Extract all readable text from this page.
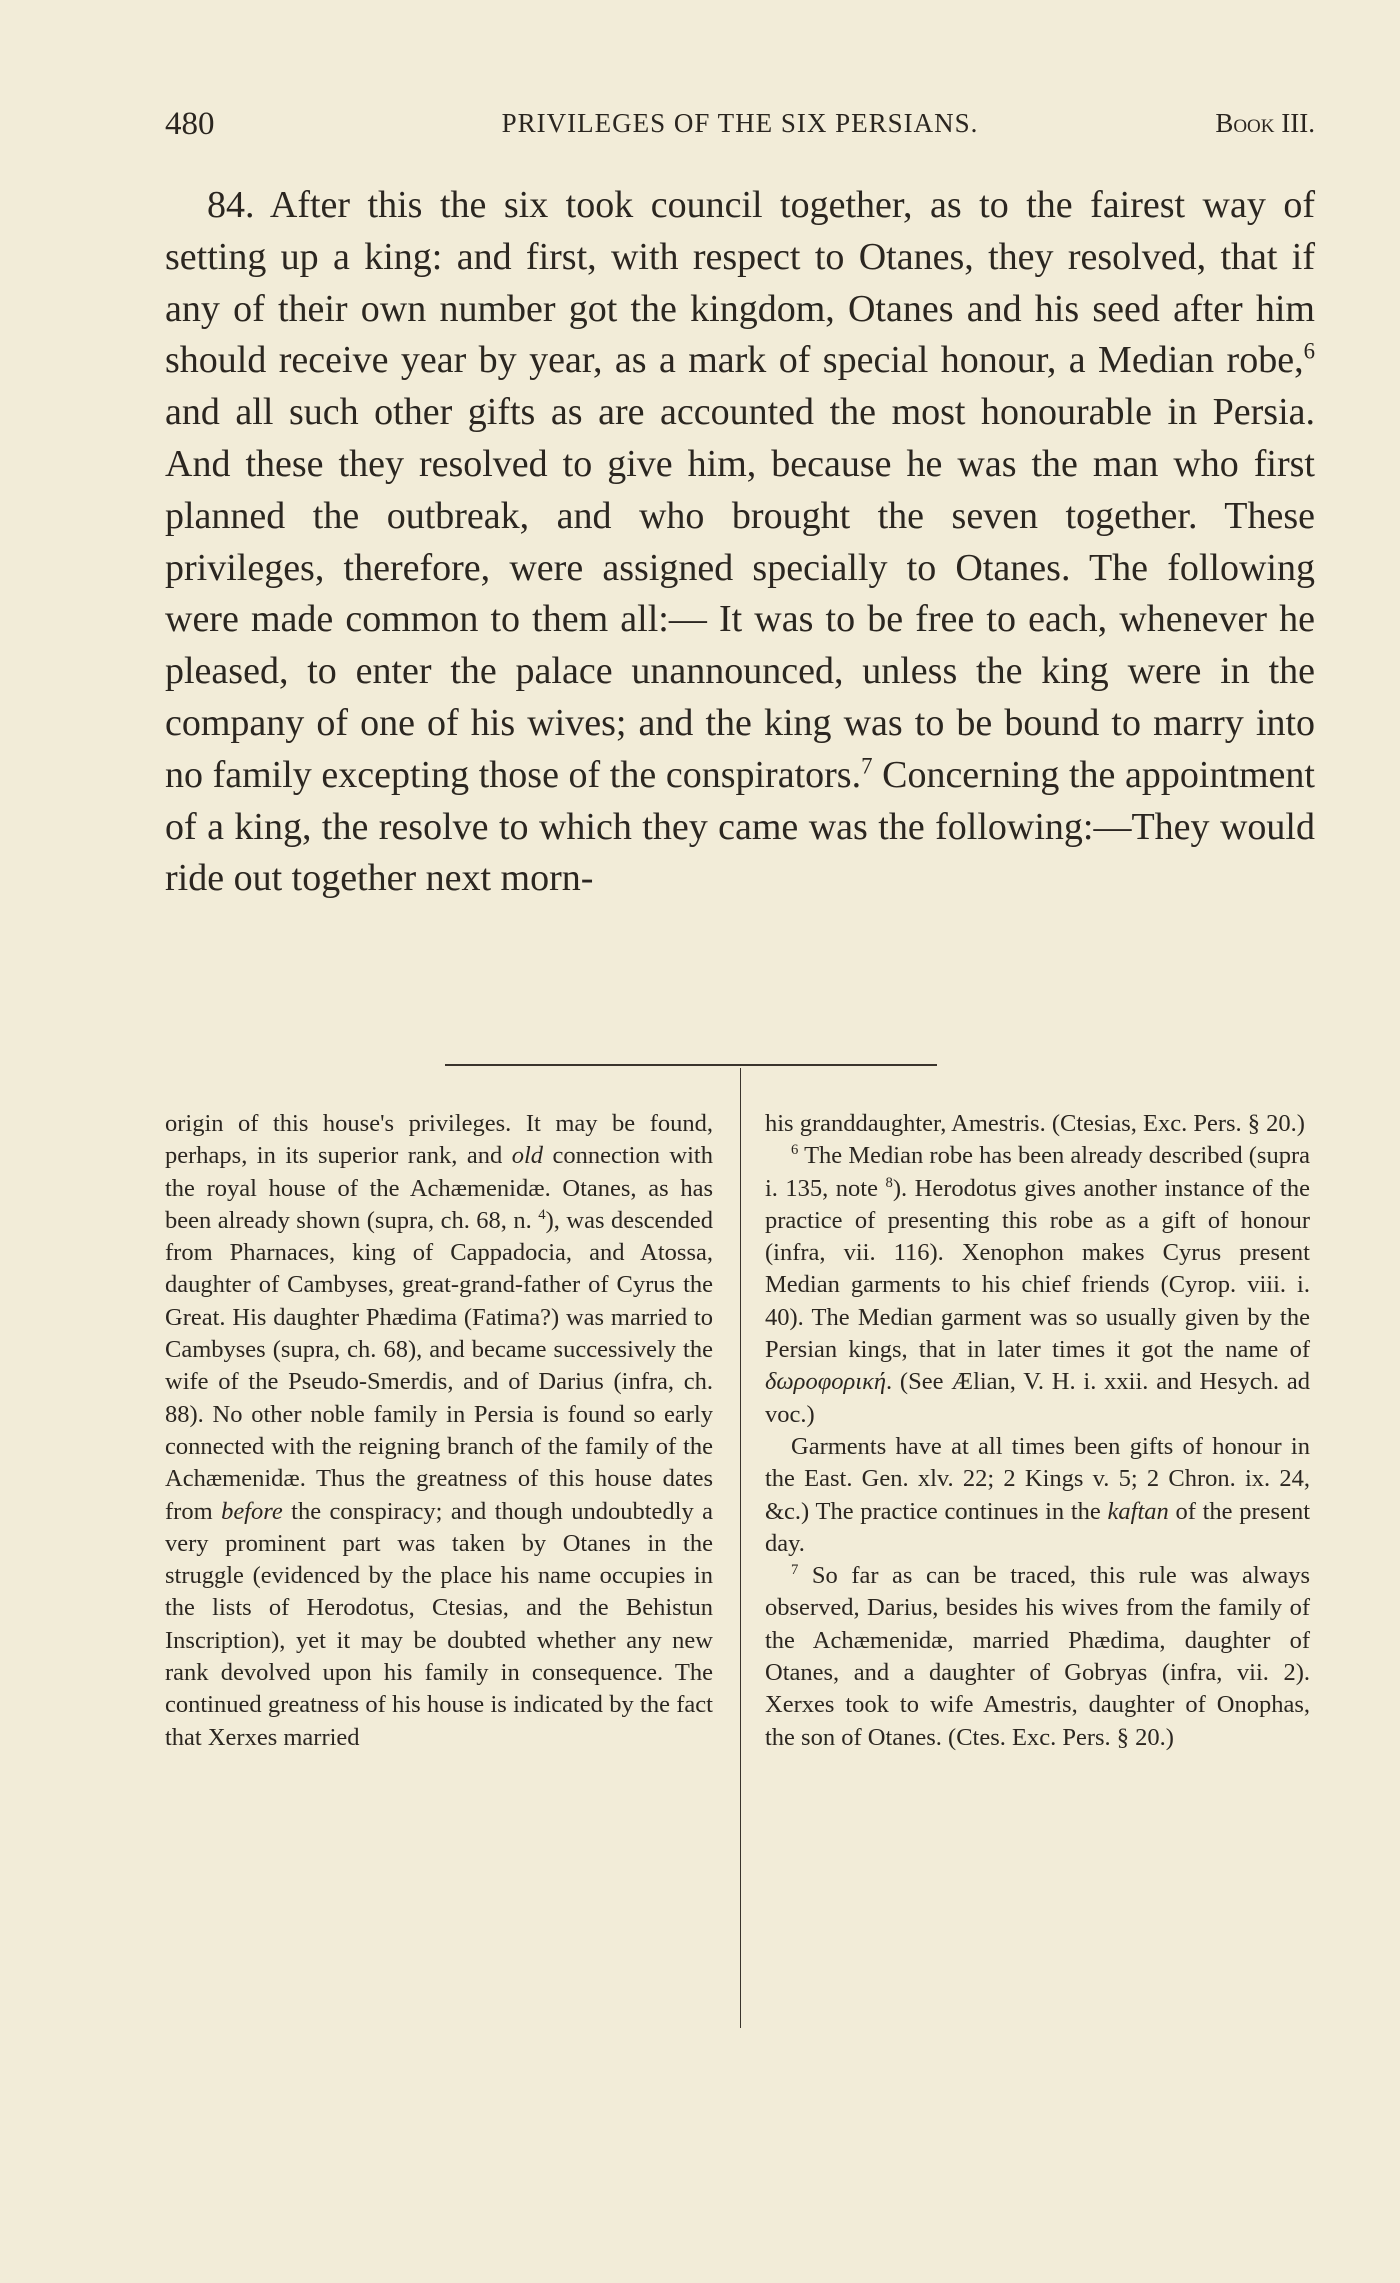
480	PRIVILEGES OF THE SIX PERSIANS.	Book III.

84. After this the six took council together, as to the fairest way of setting up a king: and first, with respect to Otanes, they resolved, that if any of their own number got the kingdom, Otanes and his seed after him should receive year by year, as a mark of special honour, a Median robe,$^6$ and all such other gifts as are accounted the most honourable in Persia. And these they resolved to give him, because he was the man who first planned the outbreak, and who brought the seven together. These privileges, therefore, were assigned specially to Otanes. The following were made common to them all:— It was to be free to each, whenever he pleased, to enter the palace unannounced, unless the king were in the company of one of his wives; and the king was to be bound to marry into no family excepting those of the conspirators.$^7$ Concerning the appointment of a king, the resolve to which they came was the following:—They would ride out together next morn-

origin of this house's privileges. It may be found, perhaps, in its superior rank, and old connection with the royal house of the Achæmenidæ. Otanes, as has been already shown (supra, ch. 68, n. $^4$), was descended from Pharnaces, king of Cappadocia, and Atossa, daughter of Cambyses, great-grand-father of Cyrus the Great. His daughter Phædima (Fatima?) was married to Cambyses (supra, ch. 68), and became successively the wife of the Pseudo-Smerdis, and of Darius (infra, ch. 88). No other noble family in Persia is found so early connected with the reigning branch of the family of the Achæmenidæ. Thus the greatness of this house dates from before the conspiracy; and though undoubtedly a very prominent part was taken by Otanes in the struggle (evidenced by the place his name occupies in the lists of Herodotus, Ctesias, and the Behistun Inscription), yet it may be doubted whether any new rank devolved upon his family in consequence. The continued greatness of his house is indicated by the fact that Xerxes married

his granddaughter, Amestris. (Ctesias, Exc. Pers. § 20.)

$^6$ The Median robe has been already described (supra i. 135, note $^8$). Herodotus gives another instance of the practice of presenting this robe as a gift of honour (infra, vii. 116). Xenophon makes Cyrus present Median garments to his chief friends (Cyrop. viii. i. 40). The Median garment was so usually given by the Persian kings, that in later times it got the name of δωροφορική. (See Ælian, V. H. i. xxii. and Hesych. ad voc.)

Garments have at all times been gifts of honour in the East. Gen. xlv. 22; 2 Kings v. 5; 2 Chron. ix. 24, &c.) The practice continues in the kaftan of the present day.

$^7$ So far as can be traced, this rule was always observed, Darius, besides his wives from the family of the Achæmenidæ, married Phædima, daughter of Otanes, and a daughter of Gobryas (infra, vii. 2). Xerxes took to wife Amestris, daughter of Onophas, the son of Otanes. (Ctes. Exc. Pers. § 20.)
